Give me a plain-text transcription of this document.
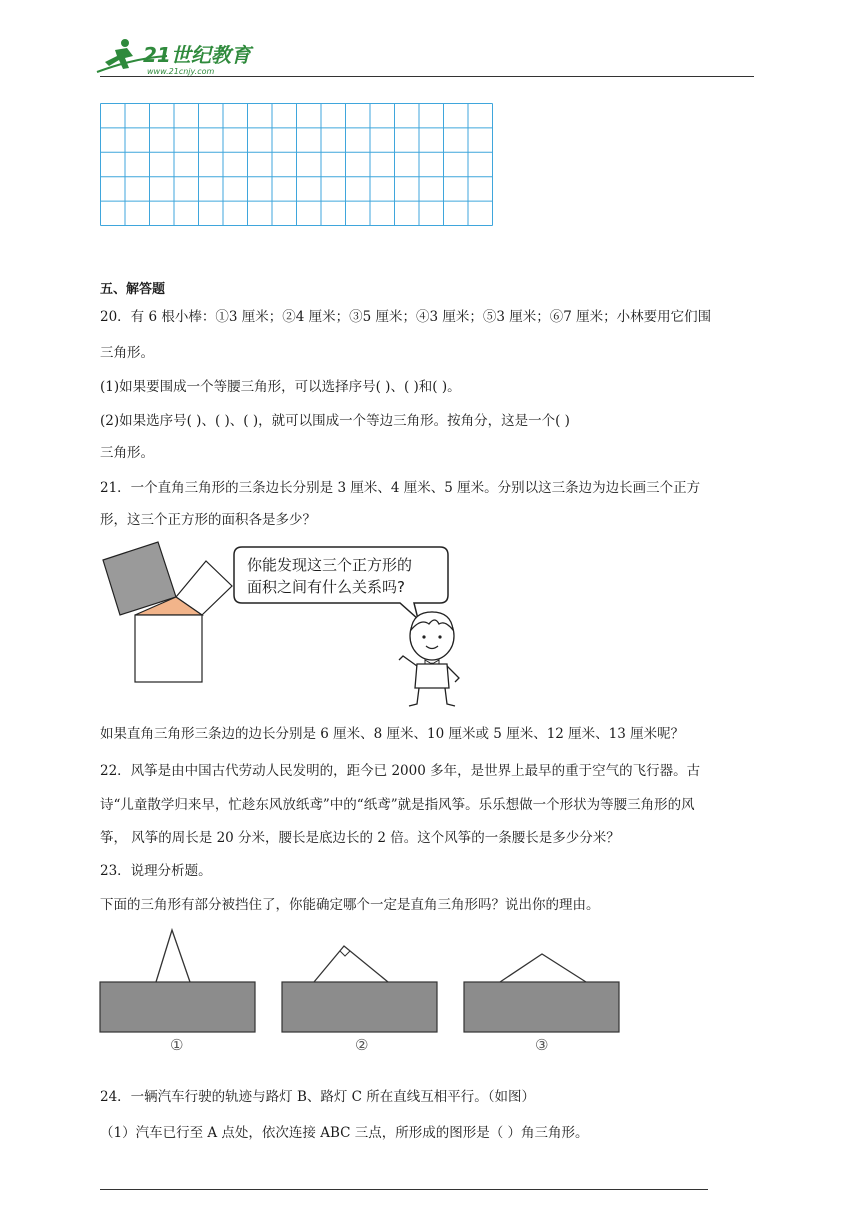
21世纪教育
www.21cnjy.com
五、解答题
20．有 6 根小棒：①3 厘米；②4 厘米；③5 厘米；④3 厘米；⑤3 厘米；⑥7 厘米；小林要用它们围
三角形。
(1)如果要围成一个等腰三角形，可以选择序号( )、( )和( )。
(2)如果选序号( )、( )、( )，就可以围成一个等边三角形。按角分，这是一个( )
三角形。
21．一个直角三角形的三条边长分别是 3 厘米、4 厘米、5 厘米。分别以这三条边为边长画三个正方
形，这三个正方形的面积各是多少？
你能发现这三个正方形的
面积之间有什么关系吗?
如果直角三角形三条边的边长分别是 6 厘米、8 厘米、10 厘米或 5 厘米、12 厘米、13 厘米呢？
22．风筝是由中国古代劳动人民发明的，距今已 2000 多年，是世界上最早的重于空气的飞行器。古
诗“儿童散学归来早，忙趁东风放纸鸢”中的“纸鸢”就是指风筝。乐乐想做一个形状为等腰三角形的风
筝， 风筝的周长是 20 分米，腰长是底边长的 2 倍。这个风筝的一条腰长是多少分米？
23．说理分析题。
下面的三角形有部分被挡住了，你能确定哪个一定是直角三角形吗？说出你的理由。
①	②	③
24．一辆汽车行驶的轨迹与路灯 B、路灯 C 所在直线互相平行。（如图）
（1）汽车已行至 A 点处，依次连接 ABC 三点，所形成的图形是（ ）角三角形。
